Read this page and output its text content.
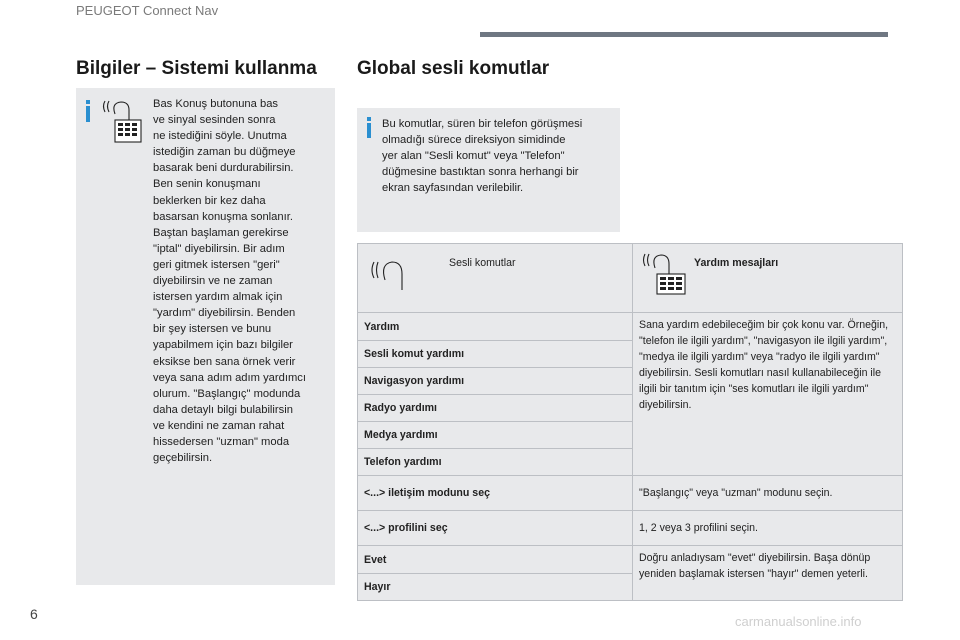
PEUGEOT Connect Nav
Bilgiler – Sistemi kullanma
Bas Konuş butonuna bas
ve sinyal sesinden sonra
ne istediğini söyle. Unutma
istediğin zaman bu düğmeye
basarak beni durdurabilirsin.
Ben senin konuşmanı
beklerken bir kez daha
basarsan konuşma sonlanır.
Baştan başlaman gerekirse
"iptal" diyebilirsin. Bir adım
geri gitmek istersen "geri"
diyebilirsin ve ne zaman
istersen yardım almak için
"yardım" diyebilirsin. Benden
bir şey istersen ve bunu
yapabilmem için bazı bilgiler
eksikse ben sana örnek verir
veya sana adım adım yardımcı
olurum. "Başlangıç" modunda
daha detaylı bilgi bulabilirsin
ve kendini ne zaman rahat
hissedersen "uzman" moda
geçebilirsin.
Global sesli komutlar
Bu komutlar, süren bir telefon görüşmesi
olmadığı sürece direksiyon simidinde
yer alan "Sesli komut" veya "Telefon"
düğmesine bastıktan sonra herhangi bir
ekran sayfasından verilebilir.
Sesli komutlar	Yardım mesajları

Yardım	Sana yardım edebileceğim bir çok konu var. Örneğin, "telefon ile ilgili yardım", "navigasyon ile ilgili yardım", "medya ile ilgili yardım" veya "radyo ile ilgili yardım" diyebilirsin. Sesli komutları nasıl kullanabileceğin ile ilgili bir tanıtım için "ses komutları ile ilgili yardım" diyebilirsin.
Sesli komut yardımı	
Navigasyon yardımı	
Radyo yardımı	
Medya yardımı	
Telefon yardımı	
<...> iletişim modunu seç	"Başlangıç" veya "uzman" modunu seçin.
<...> profilini seç	1, 2 veya 3 profilini seçin.
Evet	Doğru anladıysam "evet" diyebilirsin. Başa dönüp yeniden başlamak istersen "hayır" demen yeterli.
Hayır	
6	carmanualsonline.info
